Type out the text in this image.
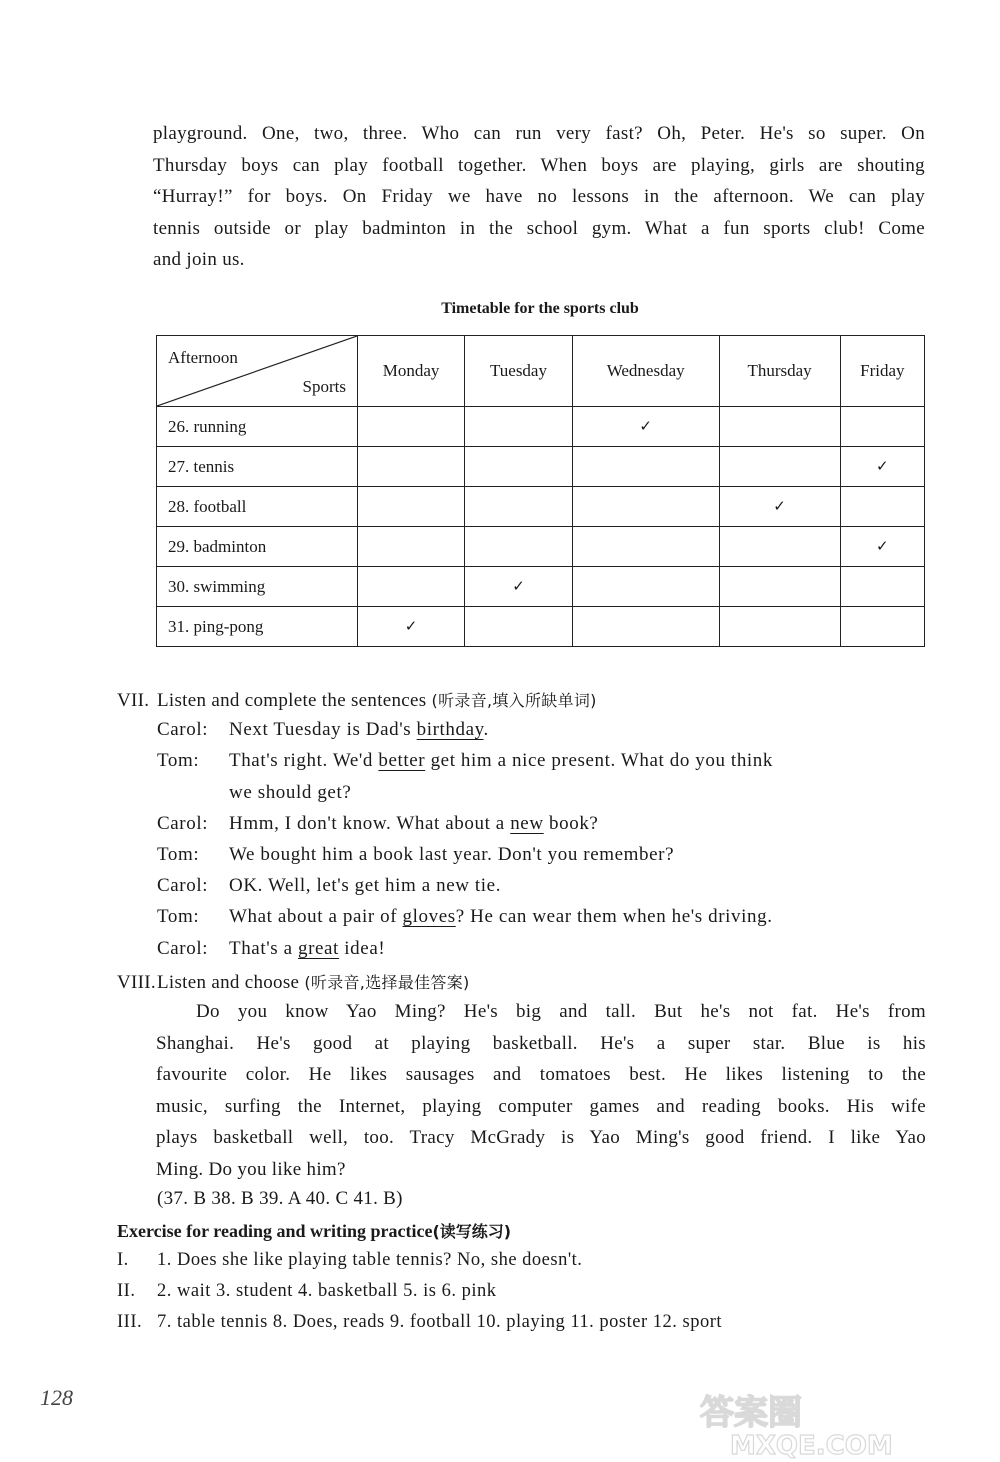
playground. One, two, three. Who can run very fast? Oh, Peter. He's so super. On
Thursday boys can play football together. When boys are playing, girls are shouting
“Hurray!” for boys. On Friday we have no lessons in the afternoon. We can play
tennis outside or play badminton in the school gym. What a fun sports club! Come
and join us.
Timetable for the sports club
Afternoon
Sports	Monday	Tuesday	Wednesday	Thursday	Friday
26. running			✓		
27. tennis					✓
28. football				✓	
29. badminton					✓
30. swimming		✓			
31. ping-pong	✓				
VII. Listen and complete the sentences (听录音,填入所缺单词)
Carol: Next Tuesday is Dad's birthday.
Tom: That's right. We'd better get him a nice present. What do you think
we should get?
Carol: Hmm, I don't know. What about a new book?
Tom: We bought him a book last year. Don't you remember?
Carol: OK. Well, let's get him a new tie.
Tom: What about a pair of gloves? He can wear them when he's driving.
Carol: That's a great idea!
VIII.Listen and choose (听录音,选择最佳答案)
Do you know Yao Ming? He's big and tall. But he's not fat. He's from
Shanghai. He's good at playing basketball. He's a super star. Blue is his
favourite color. He likes sausages and tomatoes best. He likes listening to the
music, surfing the Internet, playing computer games and reading books. His wife
plays basketball well, too. Tracy McGrady is Yao Ming's good friend. I like Yao
Ming. Do you like him?
(37. B 38. B 39. A 40. C 41. B)
Exercise for reading and writing practice(读写练习)
I. 1. Does she like playing table tennis? No, she doesn't.
II. 2. wait 3. student 4. basketball 5. is 6. pink
III. 7. table tennis 8. Does, reads 9. football 10. playing 11. poster 12. sport
128	答案圈
MXQE.COM
